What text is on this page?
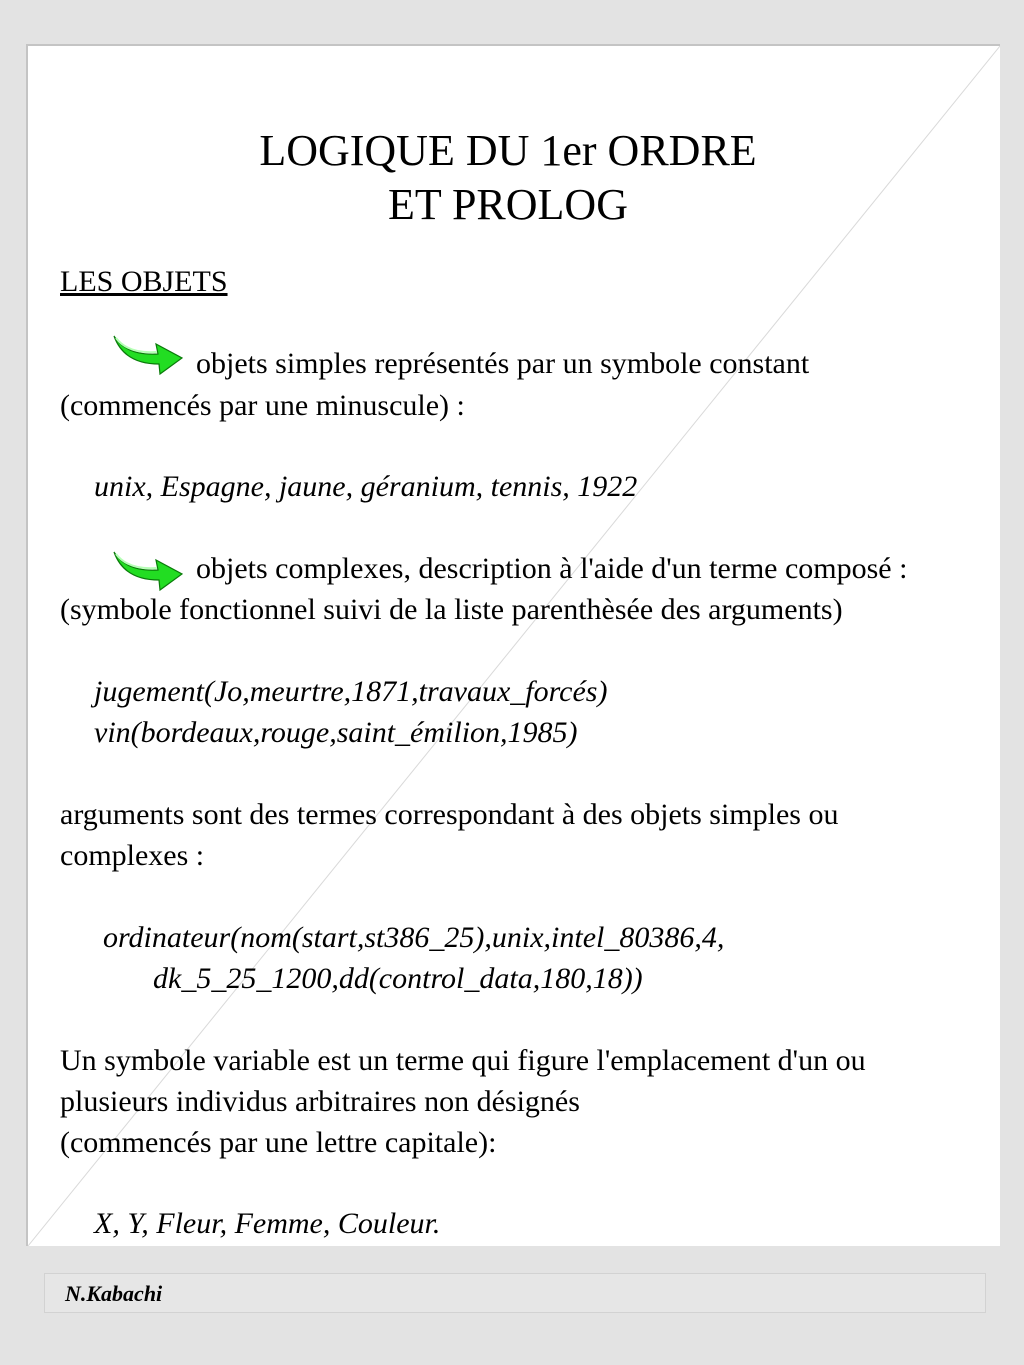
LOGIQUE DU 1er ORDRE
ET PROLOG
LES OBJETS
objets simples représentés par un symbole constant
(commencés par une minuscule) :
unix, Espagne, jaune, géranium, tennis, 1922
objets complexes, description à l'aide d'un terme composé :
(symbole fonctionnel suivi de la liste parenthèsée des arguments)
jugement(Jo,meurtre,1871,travaux_forcés)
vin(bordeaux,rouge,saint_émilion,1985)
arguments sont des termes correspondant à des objets simples ou
complexes :
ordinateur(nom(start,st386_25),unix,intel_80386,4,
dk_5_25_1200,dd(control_data,180,18))
Un symbole variable est un terme qui figure l'emplacement d'un ou
plusieurs individus arbitraires non désignés
(commencés par une lettre capitale):
X, Y, Fleur, Femme, Couleur.
N.Kabachi
